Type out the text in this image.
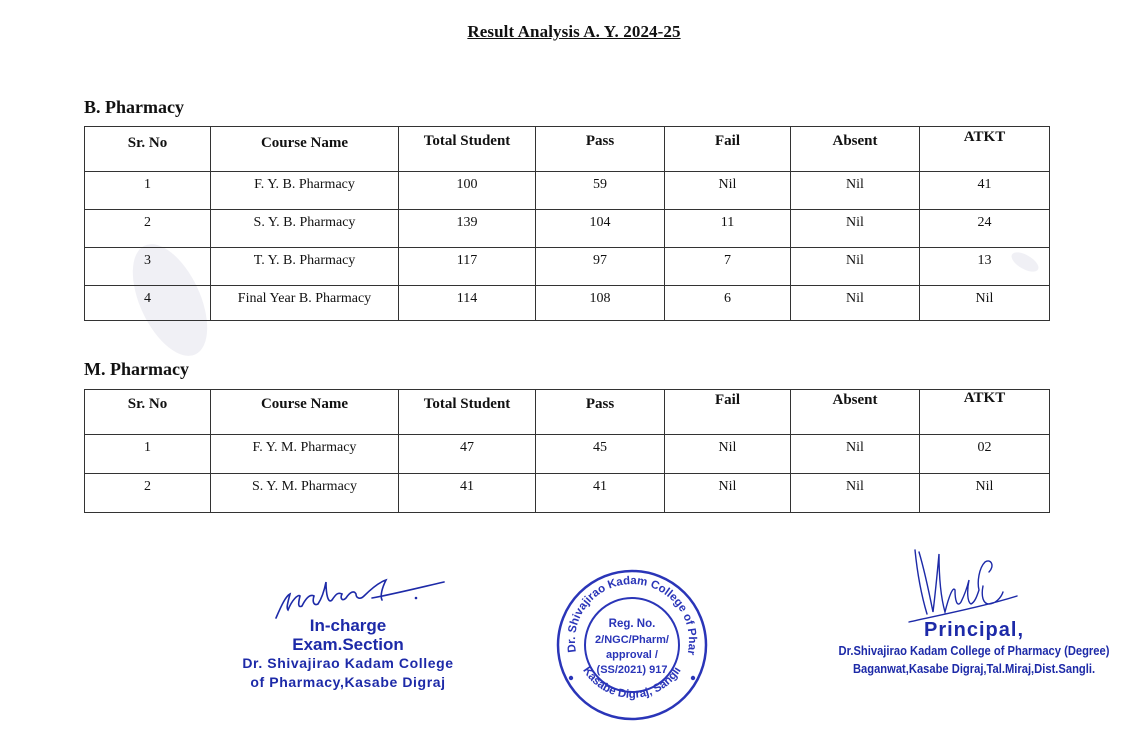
Result Analysis A. Y. 2024-25
B. Pharmacy
Sr. No	Course Name	Total Student	Pass	Fail	Absent	ATKT
1	F. Y. B. Pharmacy	100	59	Nil	Nil	41
2	S. Y. B. Pharmacy	139	104	11	Nil	24
3	T. Y. B. Pharmacy	117	97	7	Nil	13
4	Final Year B. Pharmacy	114	108	6	Nil	Nil
M. Pharmacy
Sr. No	Course Name	Total Student	Pass	Fail	Absent	ATKT
1	F. Y. M. Pharmacy	47	45	Nil	Nil	02
2	S. Y. M. Pharmacy	41	41	Nil	Nil	Nil
In-charge
Exam.Section
Dr. Shivajirao Kadam College
of Pharmacy,Kasabe Digraj
Dr. Shivajirao Kadam College of Phar
Kasabe Digraj, Sangli
Reg. No.
2/NGC/Pharm/
approval /
(SS/2021) 917
Principal,
Dr.Shivajirao Kadam College of Pharmacy (Degree)
Baganwat,Kasabe Digraj,Tal.Miraj,Dist.Sangli.
